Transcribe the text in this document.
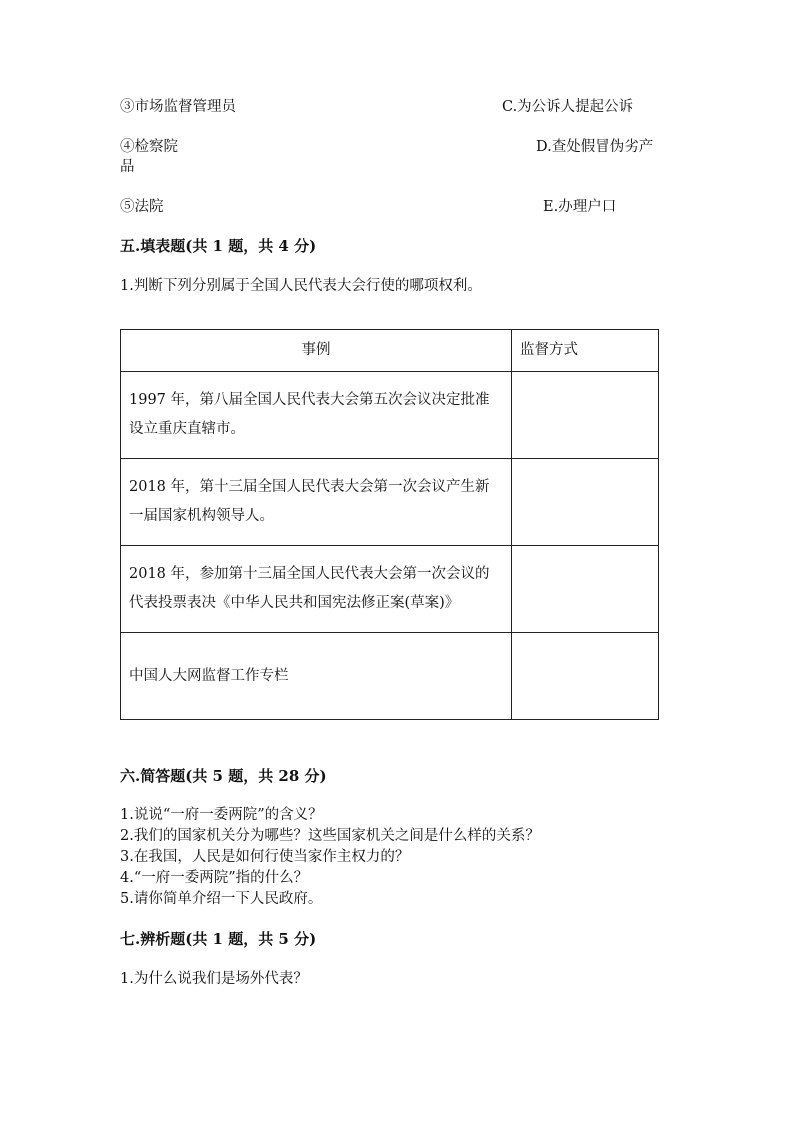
③市场监督管理员	C.为公诉人提起公诉
④检察院	D.查处假冒伪劣产
品
⑤法院	E.办理户口
五.填表题(共 1 题，共 4 分)
1.判断下列分别属于全国人民代表大会行使的哪项权利。
事例	监督方式
1997 年，第八届全国人民代表大会第五次会议决定批准设立重庆直辖市。	
2018 年，第十三届全国人民代表大会第一次会议产生新一届国家机构领导人。	
2018 年，参加第十三届全国人民代表大会第一次会议的代表投票表决《中华人民共和国宪法修正案(草案)》	
中国人大网监督工作专栏	
六.简答题(共 5 题，共 28 分)
1.说说“一府一委两院”的含义？
2.我们的国家机关分为哪些？这些国家机关之间是什么样的关系？
3.在我国，人民是如何行使当家作主权力的？
4.“一府一委两院”指的什么？
5.请你简单介绍一下人民政府。
七.辨析题(共 1 题，共 5 分)
1.为什么说我们是场外代表？
